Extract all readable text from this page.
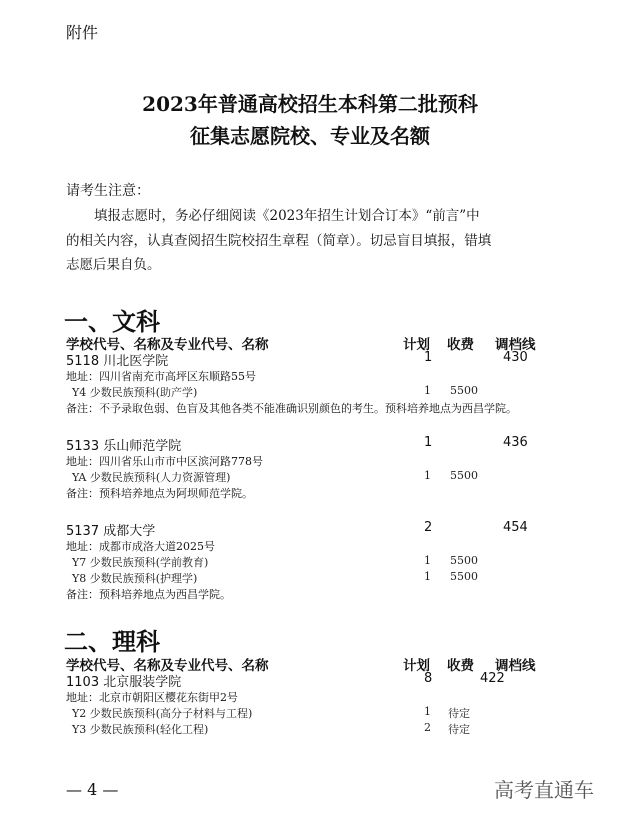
附件
2023年普通高校招生本科第二批预科
征集志愿院校、专业及名额
请考生注意：
填报志愿时，务必仔细阅读《2023年招生计划合订本》“前言”中
的相关内容，认真查阅招生院校招生章程（简章）。切忌盲目填报，错填
志愿后果自负。
一、文科
学校代号、名称及专业代号、名称	计划 收费 调档线
5118 川北医学院	1	430
地址：四川省南充市高坪区东顺路55号
Y4 少数民族预科(助产学)	1 5500
备注：不予录取色弱、色盲及其他各类不能准确识别颜色的考生。预科培养地点为西昌学院。
5133 乐山师范学院	1	436
地址：四川省乐山市市中区滨河路778号
YA 少数民族预科(人力资源管理)	1 5500
备注：预科培养地点为阿坝师范学院。
5137 成都大学	2	454
地址：成都市成洛大道2025号
Y7 少数民族预科(学前教育)	1 5500
Y8 少数民族预科(护理学)	1 5500
备注：预科培养地点为西昌学院。
二、理科
学校代号、名称及专业代号、名称	计划 收费 调档线
1103 北京服装学院	8	422
地址：北京市朝阳区樱花东街甲2号
Y2 少数民族预科(高分子材料与工程)	1 待定
Y3 少数民族预科(轻化工程)	2 待定
— 4 —	高考直通车
